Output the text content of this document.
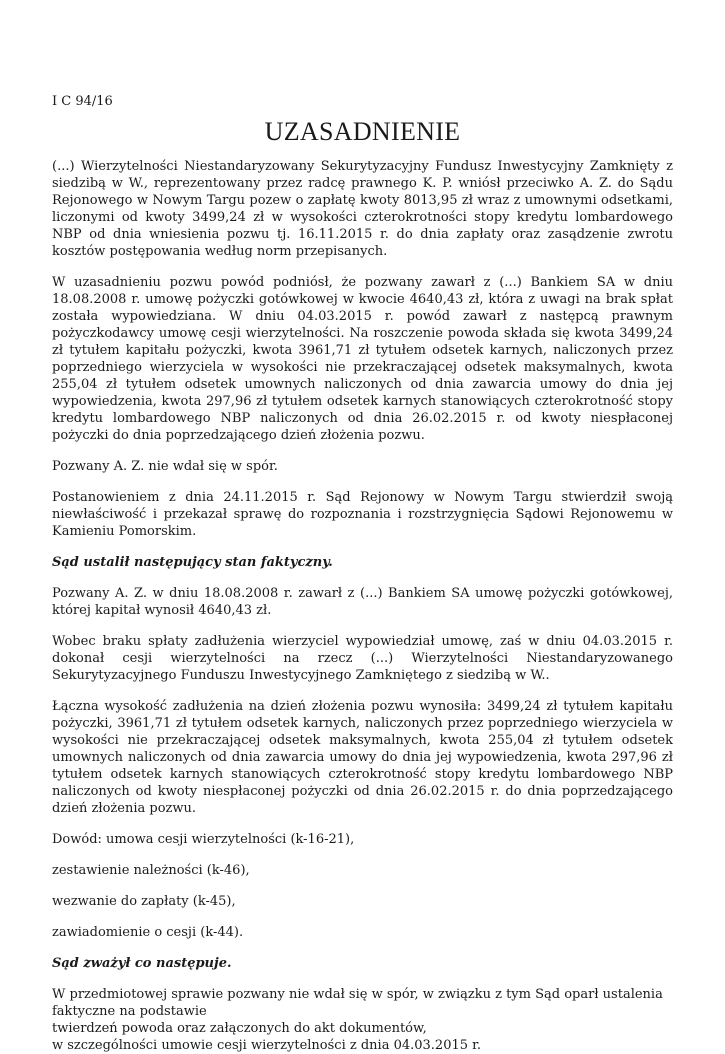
I C 94/16

UZASADNIENIE

(...) Wierzytelności Niestandaryzowany Sekurytyzacyjny Fundusz Inwestycyjny Zamknięty z siedzibą w W., reprezentowany przez radcę prawnego K. P. wniósł przeciwko A. Z. do Sądu Rejonowego w Nowym Targu pozew o zapłatę kwoty 8013,95 zł wraz z umownymi odsetkami, liczonymi od kwoty 3499,24 zł w wysokości czterokrotności stopy kredytu lombardowego NBP od dnia wniesienia pozwu tj. 16.11.2015 r. do dnia zapłaty oraz zasądzenie zwrotu kosztów postępowania według norm przepisanych.

W uzasadnieniu pozwu powód podniósł, że pozwany zawarł z (...) Bankiem SA w dniu 18.08.2008 r. umowę pożyczki gotówkowej w kwocie 4640,43 zł, która z uwagi na brak spłat została wypowiedziana. W dniu 04.03.2015 r. powód zawarł z następcą prawnym pożyczkodawcy umowę cesji wierzytelności. Na roszczenie powoda składa się kwota 3499,24 zł tytułem kapitału pożyczki, kwota 3961,71 zł tytułem odsetek karnych, naliczonych przez poprzedniego wierzyciela w wysokości nie przekraczającej odsetek maksymalnych, kwota 255,04 zł tytułem odsetek umownych naliczonych od dnia zawarcia umowy do dnia jej wypowiedzenia, kwota 297,96 zł tytułem odsetek karnych stanowiących czterokrotność stopy kredytu lombardowego NBP naliczonych od dnia 26.02.2015 r. od kwoty niespłaconej pożyczki do dnia poprzedzającego dzień złożenia pozwu.

Pozwany A. Z. nie wdał się w spór.

Postanowieniem z dnia 24.11.2015 r. Sąd Rejonowy w Nowym Targu stwierdził swoją niewłaściwość i przekazał sprawę do rozpoznania i rozstrzygnięcia Sądowi Rejonowemu w Kamieniu Pomorskim.

Sąd ustalił następujący stan faktyczny.

Pozwany A. Z. w dniu 18.08.2008 r. zawarł z (...) Bankiem SA umowę pożyczki gotówkowej, której kapitał wynosił 4640,43 zł.

Wobec braku spłaty zadłużenia wierzyciel wypowiedział umowę, zaś w dniu 04.03.2015 r. dokonał cesji wierzytelności na rzecz (...) Wierzytelności Niestandaryzowanego Sekurytyzacyjnego Funduszu Inwestycyjnego Zamkniętego z siedzibą w W..

Łączna wysokość zadłużenia na dzień złożenia pozwu wynosiła: 3499,24 zł tytułem kapitału pożyczki, 3961,71 zł tytułem odsetek karnych, naliczonych przez poprzedniego wierzyciela w wysokości nie przekraczającej odsetek maksymalnych, kwota 255,04 zł tytułem odsetek umownych naliczonych od dnia zawarcia umowy do dnia jej wypowiedzenia, kwota 297,96 zł tytułem odsetek karnych stanowiących czterokrotność stopy kredytu lombardowego NBP naliczonych od kwoty niespłaconej pożyczki od dnia 26.02.2015 r. do dnia poprzedzającego dzień złożenia pozwu.

Dowód: umowa cesji wierzytelności (k-16-21),

zestawienie należności (k-46),

wezwanie do zapłaty (k-45),

zawiadomienie o cesji (k-44).

Sąd zważył co następuje.

W przedmiotowej sprawie pozwany nie wdał się w spór, w związku z tym Sąd oparł ustalenia faktyczne na podstawie
twierdzeń powoda oraz załączonych do akt dokumentów,
w szczególności umowie cesji wierzytelności z dnia 04.03.2015 r.
